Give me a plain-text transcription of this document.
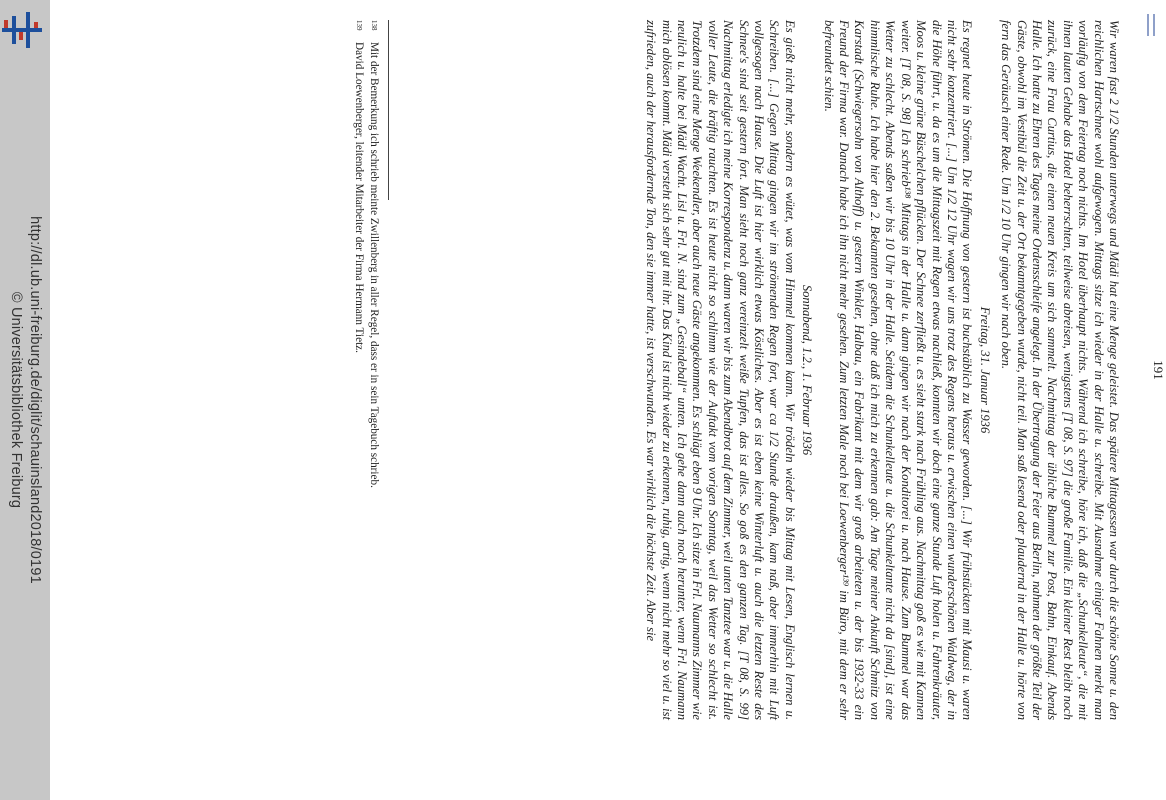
http://dl.ub.uni-freiburg.de/diglit/schauinsland2018/0191
© Universitätsbibliothek Freiburg	191

Wir waren fast 2 1/2 Stunden unterwegs und Mädi hat eine Menge geleistet. Das spätere Mittagessen war durch die schöne Sonne u. den reichlichen Hartschnee wohl aufgewogen. Mittags sitze ich wieder in der Halle u. schreibe. Mit Ausnahme einiger Fahnen merkt man vorläufig von dem Feiertag noch nichts. Im Hotel überhaupt nichts. Während ich schreibe, höre ich, daß die „Schunkelleute“, die mit ihnen lauten Gehabe das Hotel beherrschten, teilweise abreisen, wenigstens [T 08, S. 97] die große Familie. Ein kleiner Rest bleibt noch zurück, eine Frau Curtius, die einen neuen Kreis um sich sammelt. Nachmittag der übliche Bummel zur Post, Bahn, Einkauf. Abends Halle. Ich hatte zu Ehren des Tages meine Ordensschleife angelegt. In der Übertragung der Feier aus Berlin, nahmen der größte Teil der Gäste, obwohl im Vestibül die Zeit u. der Ort bekanntgegeben wurde, nicht teil. Man saß lesend oder plaudernd in der Halle u. hörte von fern das Geräusch einer Rede. Um 1/2 10 Uhr gingen wir nach oben.

Freitag, 31. Januar 1936

Es regnet heute in Strömen. Die Hoffnung von gestern ist buchstäblich zu Wasser geworden. [...] Wir frühstückten mit Mausi u. waren nicht sehr konzentriert. [...] Um 1/2 12 Uhr wagen wir uns trotz des Regens heraus u. erwischen einen wunderschönen Waldweg, der in die Höhe führt, u. da es um die Mittagszeit mit Regen etwas nachließ, konnten wir doch eine ganze Stunde Luft holen u. Fahrenkräuter, Moos u. kleine grüne Büschelchen pflücken. Der Schnee zerfließt u. es sieht stark nach Frühling aus. Nachmittag goß es wie mit Kannen weiter. [T 08, S. 98] Ich schrieb¹³⁸ Mittags in der Halle u. dann gingen wir nach der Konditorei u. nach Hause. Zum Bummel war das Wetter zu schlecht. Abends saßen wir bis 10 Uhr in der Halle. Seitdem die Schunkelleute u. die Schunkeltante nicht da [sind], ist eine himmlische Ruhe. Ich habe hier den 2. Bekannten gesehen, ohne daß ich mich zu erkennen gab: Am Tage meiner Ankunft Schmitz von Karstadt (Schwiegersohn von Althoff) u. gestern Winkler, Halbau, ein Fabrikant mit dem wir groß arbeiteten u. der bis 1932-33 ein Freund der Firma war. Danach habe ich ihn nicht mehr gesehen. Zum letzten Male noch bei Loewenberger¹³⁹ im Büro, mit dem er sehr befreundet schien.

Sonnabend, 1.2., 1. Februar 1936

Es gießt nicht mehr, sondern es wütet, was vom Himmel kommen kann. Wir trödeln wieder bis Mittag mit Lesen, Englisch lernen u. Schreiben. [...] Gegen Mittag gingen wir im strömenden Regen fort, war ca 1/2 Stunde draußen, kam naß, aber immerhin mit Luft vollgesogen nach Hause. Die Luft ist hier wirklich etwas Köstliches. Aber es ist eben keine Winterluft u. auch die letzten Reste des Schnee's sind seit gestern fort. Man sieht noch ganz vereinzelt weiße Tupfen, das ist alles. So goß es den ganzen Tag. [T 08, S. 99] Nachmittag erledigte ich meine Korrespondenz u. dann waren wir bis zum Abendbrot auf dem Zimmer, weil unten Tanztee war u. die Halle voller Leute, die kräftig rauchten. Es ist heute nicht so schlimm wie der Auftakt vom vorigen Sonntag, weil das Wetter so schlecht ist. Trotzdem sind eine Menge Weekendler, aber auch neue Gäste angekommen. Es schlägt eben 9 Uhr. Ich sitze in Frl. Naumanns Zimmer wie neulich u. halte bei Mädi Wacht. Lisl u. Frl. N. sind zum „Gesindeball“ unten. Ich gehe dann auch noch herunter, wenn Frl. Naumann mich ablösen kommt. Mädi versteht sich sehr gut mit ihr. Das Kind ist nicht wieder zu erkennen, ruhig, artig, wenn nicht mehr so viel u. ist zufrieden, auch der herausfordernde Ton, den sie immer hatte, ist verschwunden. Es war wirklich die höchste Zeit. Aber sie

138
Mit der Bemerkung ich schrieb meinte Zwillenberg in aller Regel, dass er in sein Tagebuch schrieb.
139
David Loewenberger, leitender Mitarbeiter der Firma Hermann Tietz.
